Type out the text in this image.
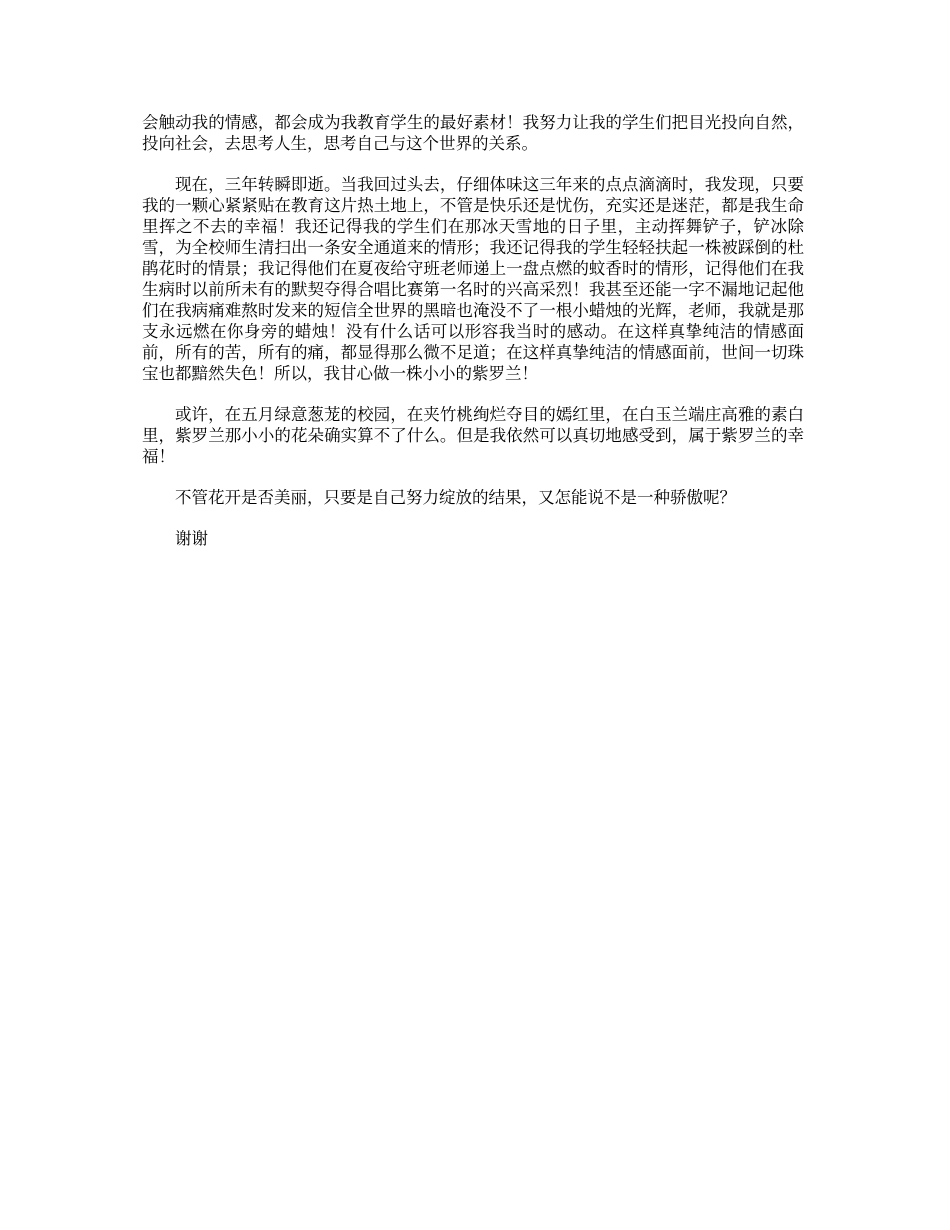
会触动我的情感，都会成为我教育学生的最好素材！我努力让我的学生们把目光投向自然，投向社会，去思考人生，思考自己与这个世界的关系。

现在，三年转瞬即逝。当我回过头去，仔细体味这三年来的点点滴滴时，我发现，只要我的一颗心紧紧贴在教育这片热土地上，不管是快乐还是忧伤，充实还是迷茫，都是我生命里挥之不去的幸福！我还记得我的学生们在那冰天雪地的日子里，主动挥舞铲子，铲冰除雪，为全校师生清扫出一条安全通道来的情形；我还记得我的学生轻轻扶起一株被踩倒的杜鹃花时的情景；我记得他们在夏夜给守班老师递上一盘点燃的蚊香时的情形，记得他们在我生病时以前所未有的默契夺得合唱比赛第一名时的兴高采烈！我甚至还能一字不漏地记起他们在我病痛难熬时发来的短信全世界的黑暗也淹没不了一根小蜡烛的光辉，老师，我就是那支永远燃在你身旁的蜡烛！没有什么话可以形容我当时的感动。在这样真挚纯洁的情感面前，所有的苦，所有的痛，都显得那么微不足道；在这样真挚纯洁的情感面前，世间一切珠宝也都黯然失色！所以，我甘心做一株小小的紫罗兰！

或许，在五月绿意葱茏的校园，在夹竹桃绚烂夺目的嫣红里，在白玉兰端庄高雅的素白里，紫罗兰那小小的花朵确实算不了什么。但是我依然可以真切地感受到，属于紫罗兰的幸福！

不管花开是否美丽，只要是自己努力绽放的结果，又怎能说不是一种骄傲呢？

谢谢
